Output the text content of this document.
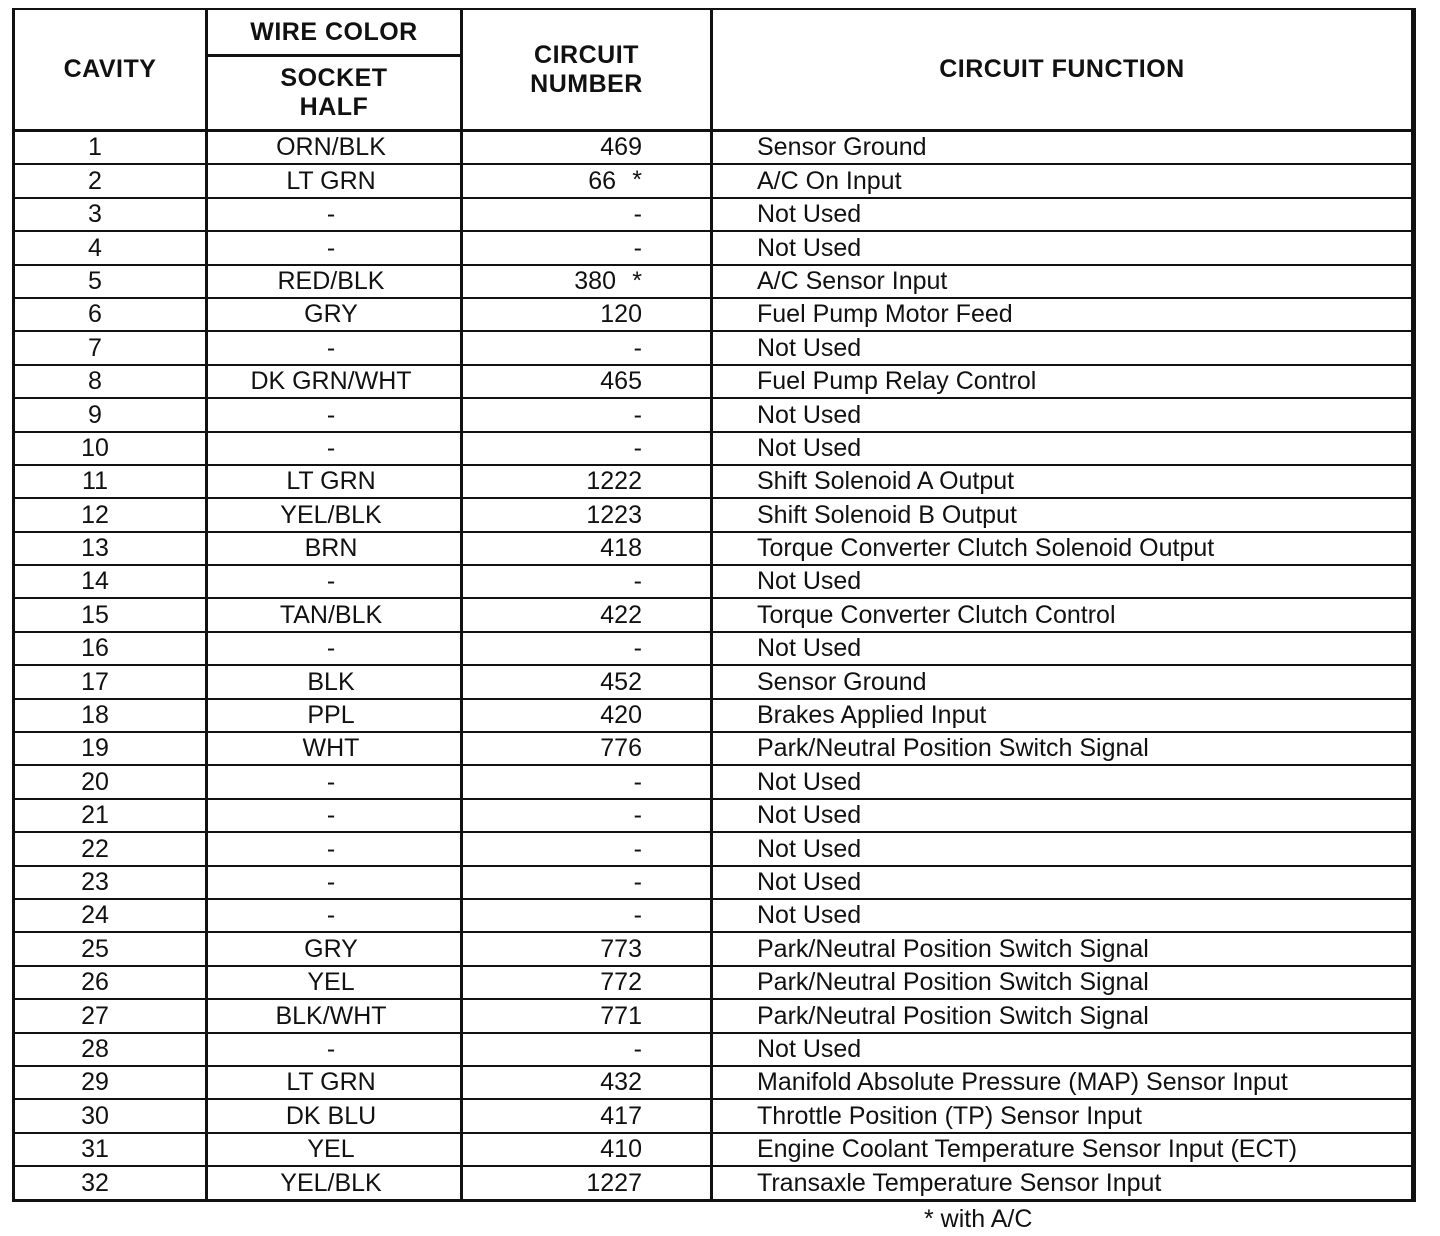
CAVITY	WIRE COLOR	CIRCUIT NUMBER	CIRCUIT FUNCTION
	SOCKET HALF		
1	ORN/BLK	469	Sensor Ground
2	LT GRN	66 *	A/C On Input
3	-	-	Not Used
4	-	-	Not Used
5	RED/BLK	380 *	A/C Sensor Input
6	GRY	120	Fuel Pump Motor Feed
7	-	-	Not Used
8	DK GRN/WHT	465	Fuel Pump Relay Control
9	-	-	Not Used
10	-	-	Not Used
11	LT GRN	1222	Shift Solenoid A Output
12	YEL/BLK	1223	Shift Solenoid B Output
13	BRN	418	Torque Converter Clutch Solenoid Output
14	-	-	Not Used
15	TAN/BLK	422	Torque Converter Clutch Control
16	-	-	Not Used
17	BLK	452	Sensor Ground
18	PPL	420	Brakes Applied Input
19	WHT	776	Park/Neutral Position Switch Signal
20	-	-	Not Used
21	-	-	Not Used
22	-	-	Not Used
23	-	-	Not Used
24	-	-	Not Used
25	GRY	773	Park/Neutral Position Switch Signal
26	YEL	772	Park/Neutral Position Switch Signal
27	BLK/WHT	771	Park/Neutral Position Switch Signal
28	-	-	Not Used
29	LT GRN	432	Manifold Absolute Pressure (MAP) Sensor Input
30	DK BLU	417	Throttle Position (TP) Sensor Input
31	YEL	410	Engine Coolant Temperature Sensor Input (ECT)
32	YEL/BLK	1227	Transaxle Temperature Sensor Input
* with A/C
